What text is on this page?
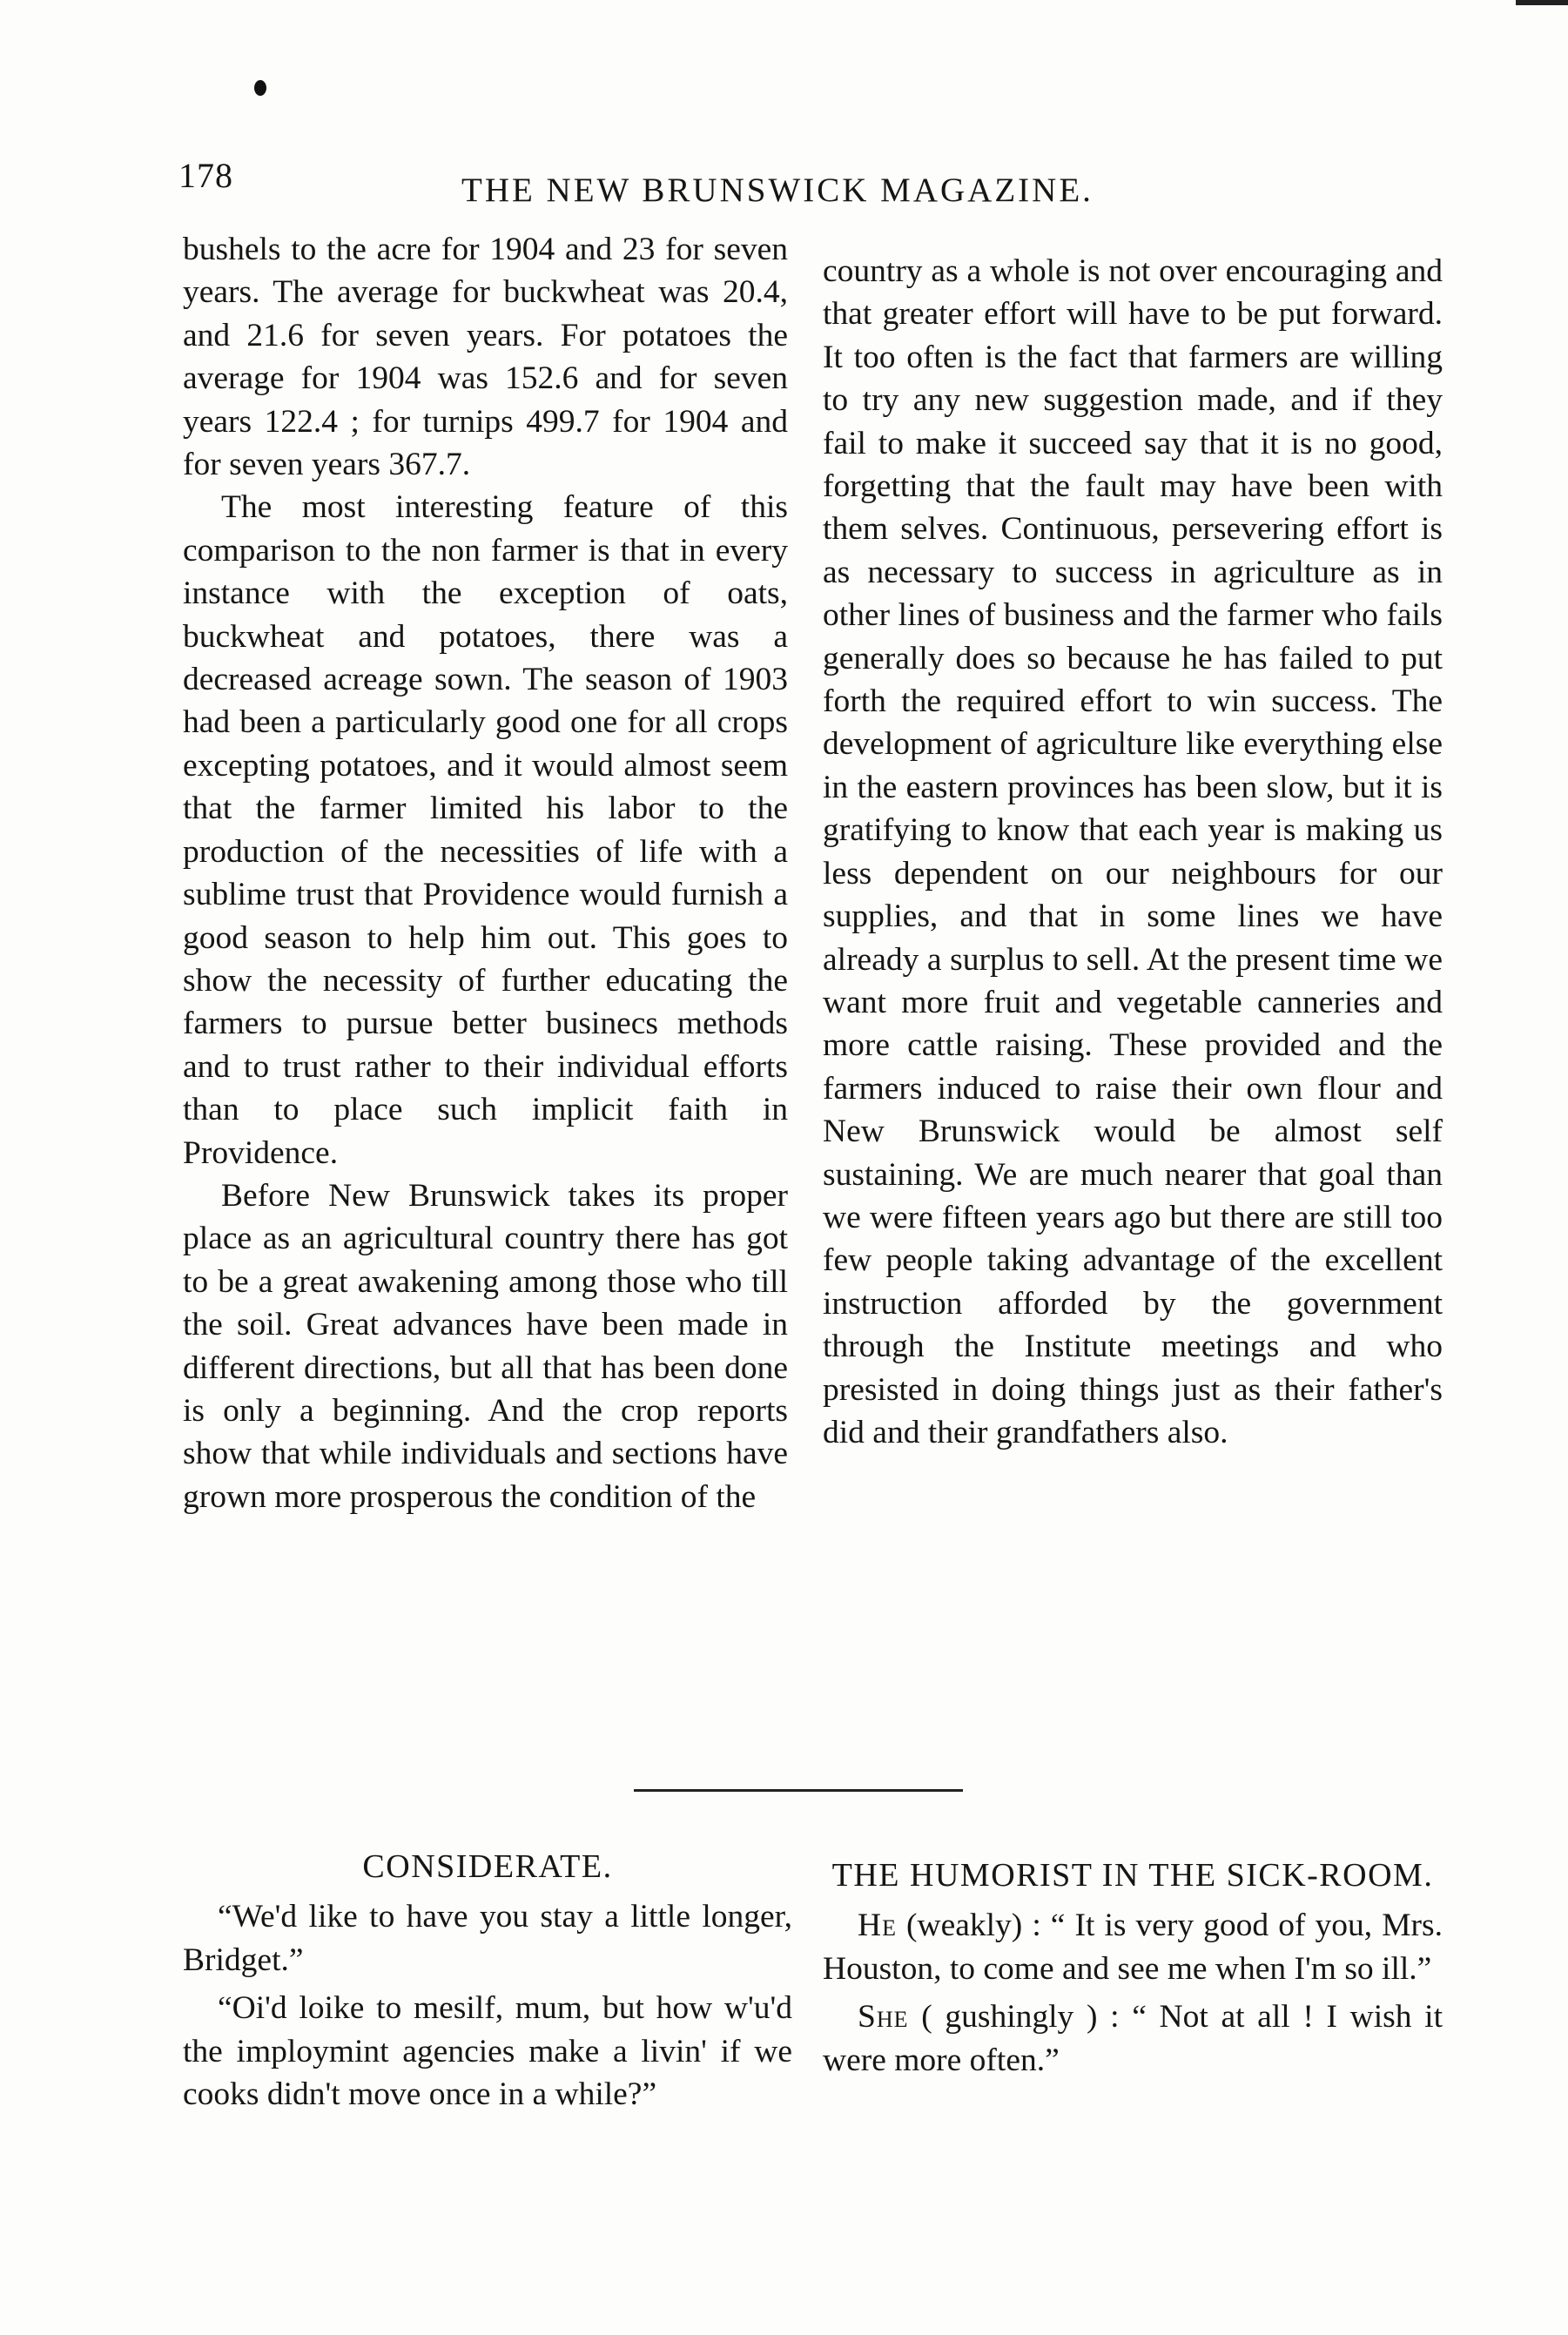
178	THE NEW BRUNSWICK MAGAZINE.

bushels to the acre for 1904 and 23 for seven years. The average for buckwheat was 20.4, and 21.6 for seven years. For potatoes the average for 1904 was 152.6 and for seven years 122.4 ; for turnips 499.7 for 1904 and for seven years 367.7.

The most interesting feature of this comparison to the non farmer is that in every instance with the exception of oats, buckwheat and potatoes, there was a decreased acreage sown. The season of 1903 had been a particularly good one for all crops excepting potatoes, and it would almost seem that the farmer limited his labor to the production of the necessities of life with a sublime trust that Providence would furnish a good season to help him out. This goes to show the necessity of further educating the farmers to pursue better businecs methods and to trust rather to their individual efforts than to place such implicit faith in Providence.

Before New Brunswick takes its proper place as an agricultural country there has got to be a great awakening among those who till the soil. Great advances have been made in different directions, but all that has been done is only a beginning. And the crop reports show that while individuals and sections have grown more prosperous the condition of the

country as a whole is not over encouraging and that greater effort will have to be put forward. It too often is the fact that farmers are willing to try any new suggestion made, and if they fail to make it succeed say that it is no good, forgetting that the fault may have been with them selves. Continuous, persevering effort is as necessary to success in agriculture as in other lines of business and the farmer who fails generally does so because he has failed to put forth the required effort to win success. The development of agriculture like everything else in the eastern provinces has been slow, but it is gratifying to know that each year is making us less dependent on our neighbours for our supplies, and that in some lines we have already a surplus to sell. At the present time we want more fruit and vegetable canneries and more cattle raising. These provided and the farmers induced to raise their own flour and New Brunswick would be almost self sustaining. We are much nearer that goal than we were fifteen years ago but there are still too few people taking advantage of the excellent instruction afforded by the government through the Institute meetings and who presisted in doing things just as their father's did and their grandfathers also.

CONSIDERATE.

“We'd like to have you stay a little longer, Bridget.”

“Oi'd loike to mesilf, mum, but how w'u'd the imploymint agencies make a livin' if we cooks didn't move once in a while?”

THE HUMORIST IN THE SICK-ROOM.

He (weakly) : “ It is very good of you, Mrs. Houston, to come and see me when I'm so ill.”

She ( gushingly ) : “ Not at all ! I wish it were more often.”
